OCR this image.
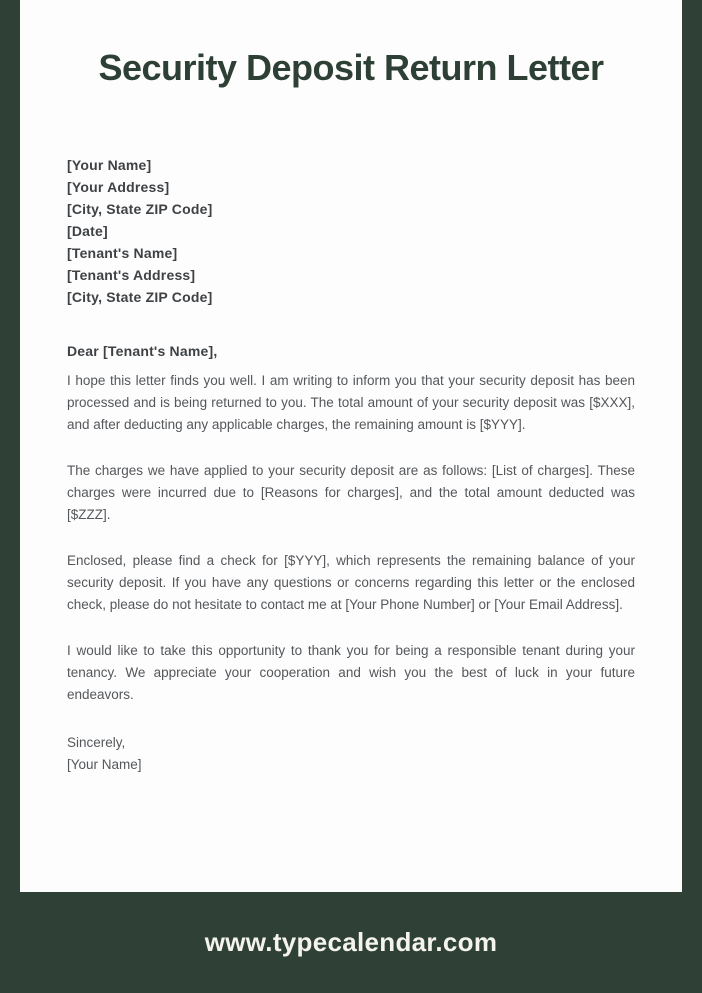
Security Deposit Return Letter
[Your Name]
[Your Address]
[City, State ZIP Code]
[Date]
[Tenant's Name]
[Tenant's Address]
[City, State ZIP Code]
Dear [Tenant's Name],

I hope this letter finds you well. I am writing to inform you that your security deposit has been processed and is being returned to you. The total amount of your security deposit was [$XXX], and after deducting any applicable charges, the remaining amount is [$YYY].

The charges we have applied to your security deposit are as follows: [List of charges]. These charges were incurred due to [Reasons for charges], and the total amount deducted was [$ZZZ].

Enclosed, please find a check for [$YYY], which represents the remaining balance of your security deposit. If you have any questions or concerns regarding this letter or the enclosed check, please do not hesitate to contact me at [Your Phone Number] or [Your Email Address].

I would like to take this opportunity to thank you for being a responsible tenant during your tenancy. We appreciate your cooperation and wish you the best of luck in your future endeavors.

Sincerely,
[Your Name]
www.typecalendar.com
